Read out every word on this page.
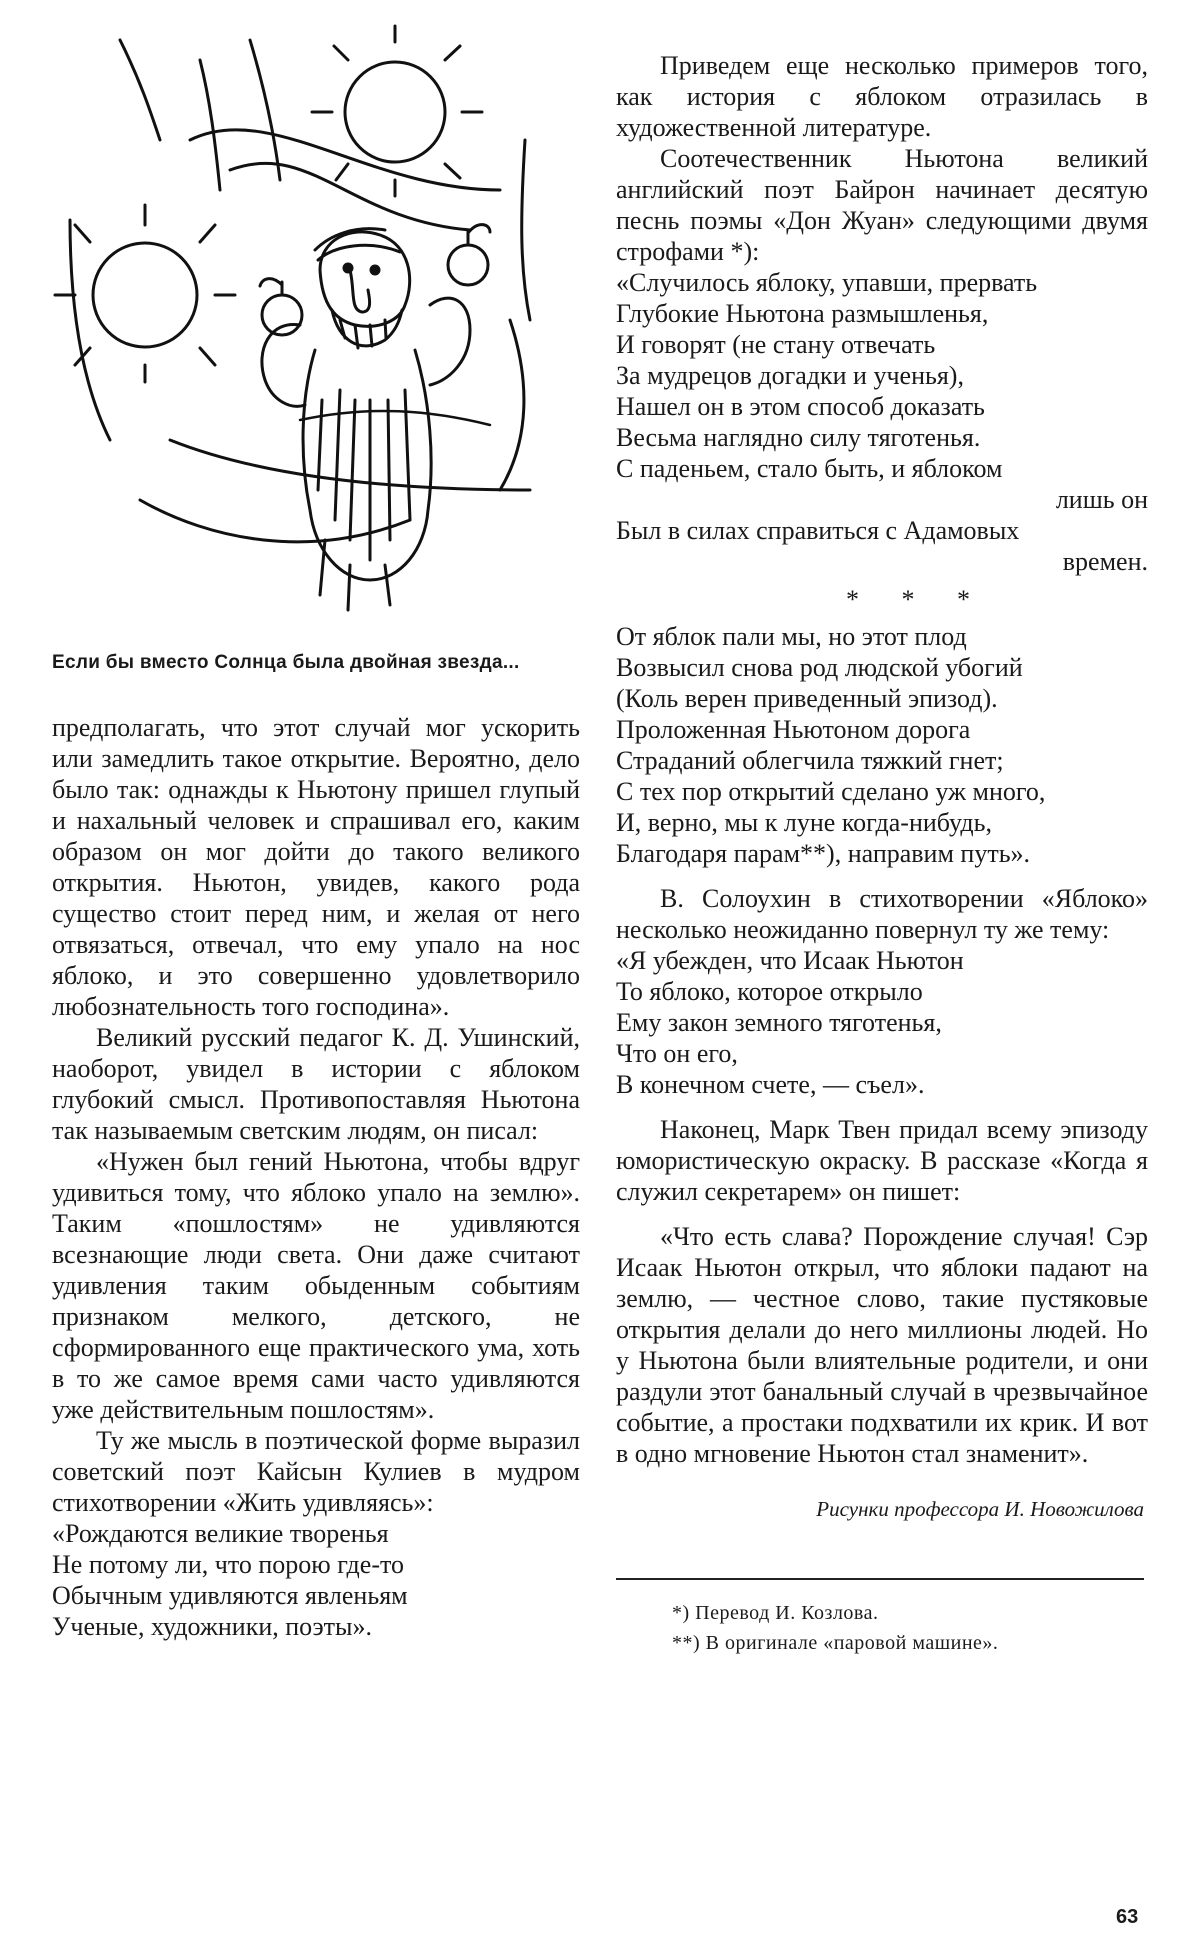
Если бы вместо Солнца была двойная звезда...

предполагать, что этот случай мог ускорить или замедлить такое открытие. Вероятно, дело было так: однажды к Ньютону пришел глупый и нахальный человек и спрашивал его, каким образом он мог дойти до такого великого открытия. Ньютон, увидев, какого рода существо стоит перед ним, и желая от него отвязаться, отвечал, что ему упало на нос яблоко, и это совершенно удовлетворило любознательность того господина».

Великий русский педагог К. Д. Ушинский, наоборот, увидел в истории с яблоком глубокий смысл. Противопоставляя Ньютона так называемым светским людям, он писал:

«Нужен был гений Ньютона, чтобы вдруг удивиться тому, что яблоко упало на землю». Таким «пошлостям» не удивляются всезнающие люди света. Они даже считают удивления таким обыденным событиям признаком мелкого, детского, не сформированного еще практического ума, хоть в то же самое время сами часто удивляются уже действительным пошлостям».

Ту же мысль в поэтической форме выразил советский поэт Кайсын Кулиев в мудром стихотворении «Жить удивляясь»:

«Рождаются великие творенья
Не потому ли, что порою где-то
Обычным удивляются явленьям
Ученые, художники, поэты».

Приведем еще несколько примеров того, как история с яблоком отразилась в художественной литературе.

Соотечественник Ньютона великий английский поэт Байрон начинает десятую песнь поэмы «Дон Жуан» следующими двумя строфами *):

«Случилось яблоку, упавши, прервать
Глубокие Ньютона размышленья,
И говорят (не стану отвечать
За мудрецов догадки и ученья),
Нашел он в этом способ доказать
Весьма наглядно силу тяготенья.
С паденьем, стало быть, и яблоком
лишь он
Был в силах справиться с Адамовых
времен.
* * *
От яблок пали мы, но этот плод
Возвысил снова род людской убогий
(Коль верен приведенный эпизод).
Проложенная Ньютоном дорога
Страданий облегчила тяжкий гнет;
С тех пор открытий сделано уж много,
И, верно, мы к луне когда-нибудь,
Благодаря парам**), направим путь».

В. Солоухин в стихотворении «Яблоко» несколько неожиданно повернул ту же тему:

«Я убежден, что Исаак Ньютон
То яблоко, которое открыло
Ему закон земного тяготенья,
Что он его,
В конечном счете, — съел».

Наконец, Марк Твен придал всему эпизоду юмористическую окраску. В рассказе «Когда я служил секретарем» он пишет:

«Что есть слава? Порождение случая! Сэр Исаак Ньютон открыл, что яблоки падают на землю, — честное слово, такие пустяковые открытия делали до него миллионы людей. Но у Ньютона были влиятельные родители, и они раздули этот банальный случай в чрезвычайное событие, а простаки подхватили их крик. И вот в одно мгновение Ньютон стал знаменит».

Рисунки профессора И. Новожилова
*) Перевод И. Козлова.
**) В оригинале «паровой машине».
63
